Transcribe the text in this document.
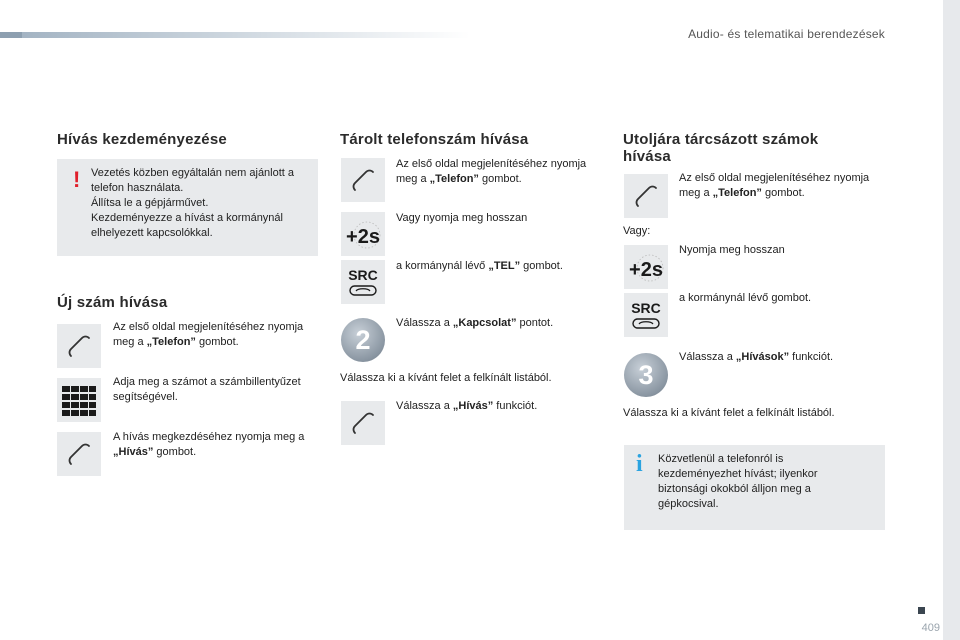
Audio- és telematikai berendezések
409
Hívás kezdeményezése
! Vezetés közben egyáltalán nem ajánlott a telefon használata.
Állítsa le a gépjárművet.
Kezdeményezze a hívást a kormánynál elhelyezett kapcsolókkal.
Új szám hívása
Az első oldal megjelenítéséhez nyomja meg a „Telefon” gombot.
Adja meg a számot a számbillentyűzet segítségével.
A hívás megkezdéséhez nyomja meg a „Hívás” gombot.
Tárolt telefonszám hívása
Az első oldal megjelenítéséhez nyomja meg a „Telefon” gombot.
+2s
Vagy nyomja meg hosszan
SRC
a kormánynál lévő „TEL” gombot.
2
Válassza a „Kapcsolat” pontot.
Válassza ki a kívánt felet a felkínált listából.
Válassza a „Hívás” funkciót.
Utoljára tárcsázott számok hívása
Az első oldal megjelenítéséhez nyomja meg a „Telefon” gombot.
Vagy:
+2s
Nyomja meg hosszan
SRC
a kormánynál lévő gombot.
3
Válassza a „Hívások” funkciót.
Válassza ki a kívánt felet a felkínált listából.
i Közvetlenül a telefonról is kezdeményezhet hívást; ilyenkor biztonsági okokból álljon meg a gépkocsival.
